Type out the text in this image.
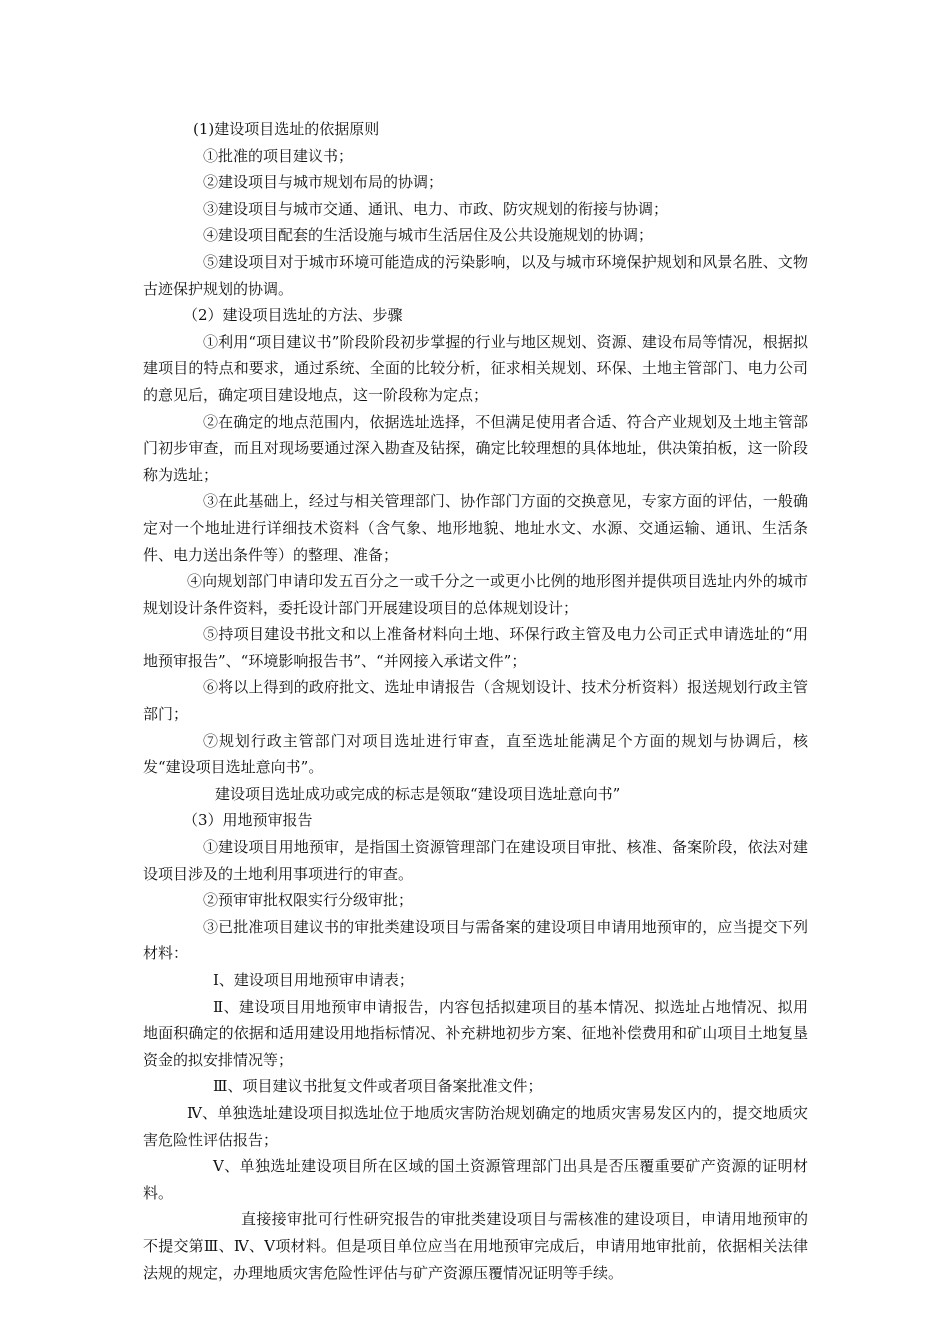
(1)建设项目选址的依据原则

①批准的项目建议书；

②建设项目与城市规划布局的协调；

③建设项目与城市交通、通讯、电力、市政、防灾规划的衔接与协调；

④建设项目配套的生活设施与城市生活居住及公共设施规划的协调；

⑤建设项目对于城市环境可能造成的污染影响，以及与城市环境保护规划和风景名胜、文物古迹保护规划的协调。

（2）建设项目选址的方法、步骤

①利用“项目建议书”阶段阶段初步掌握的行业与地区规划、资源、建设布局等情况，根据拟建项目的特点和要求，通过系统、全面的比较分析，征求相关规划、环保、土地主管部门、电力公司的意见后，确定项目建设地点，这一阶段称为定点；

②在确定的地点范围内，依据选址选择，不但满足使用者合适、符合产业规划及土地主管部门初步审查，而且对现场要通过深入勘查及钻探，确定比较理想的具体地址，供决策拍板，这一阶段称为选址；

③在此基础上，经过与相关管理部门、协作部门方面的交换意见，专家方面的评估，一般确定对一个地址进行详细技术资料（含气象、地形地貌、地址水文、水源、交通运输、通讯、生活条件、电力送出条件等）的整理、准备；

④向规划部门申请印发五百分之一或千分之一或更小比例的地形图并提供项目选址内外的城市规划设计条件资料，委托设计部门开展建设项目的总体规划设计；

⑤持项目建设书批文和以上准备材料向土地、环保行政主管及电力公司正式申请选址的“用地预审报告”、“环境影响报告书”、“并网接入承诺文件”；

⑥将以上得到的政府批文、选址申请报告（含规划设计、技术分析资料）报送规划行政主管部门；

⑦规划行政主管部门对项目选址进行审查，直至选址能满足个方面的规划与协调后，核发“建设项目选址意向书”。

建设项目选址成功或完成的标志是领取“建设项目选址意向书”

（3）用地预审报告

①建设项目用地预审，是指国土资源管理部门在建设项目审批、核准、备案阶段，依法对建设项目涉及的土地利用事项进行的审查。

②预审审批权限实行分级审批；

③已批准项目建议书的审批类建设项目与需备案的建设项目申请用地预审的，应当提交下列材料：

Ⅰ、建设项目用地预审申请表；

Ⅱ、建设项目用地预审申请报告，内容包括拟建项目的基本情况、拟选址占地情况、拟用地面积确定的依据和适用建设用地指标情况、补充耕地初步方案、征地补偿费用和矿山项目土地复垦资金的拟安排情况等；

Ⅲ、项目建议书批复文件或者项目备案批准文件；

Ⅳ、单独选址建设项目拟选址位于地质灾害防治规划确定的地质灾害易发区内的，提交地质灾害危险性评估报告；

Ⅴ、单独选址建设项目所在区域的国土资源管理部门出具是否压覆重要矿产资源的证明材料。

直接接审批可行性研究报告的审批类建设项目与需核准的建设项目，申请用地预审的不提交第Ⅲ、Ⅳ、Ⅴ项材料。但是项目单位应当在用地预审完成后，申请用地审批前，依据相关法律法规的规定，办理地质灾害危险性评估与矿产资源压覆情况证明等手续。
